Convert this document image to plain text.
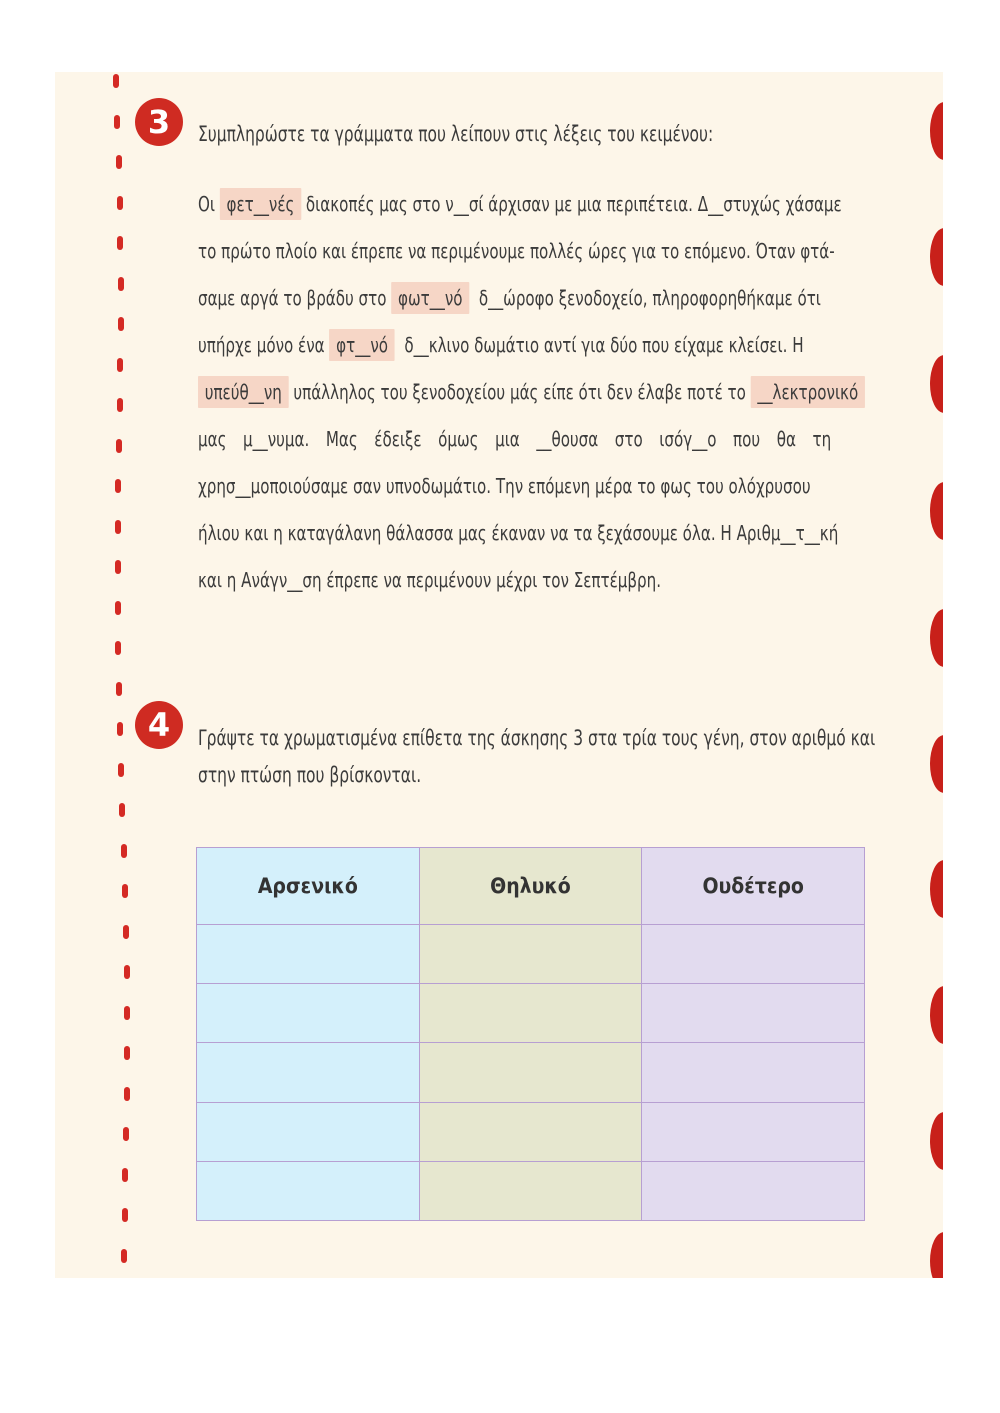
3	Συμπληρώστε τα γράμματα που λείπουν στις λέξεις του κειμένου:
Οι φετ__νές διακοπές μας στο ν__σί άρχισαν με μια περιπέτεια. Δ__στυχώς χάσαμε
το πρώτο πλοίο και έπρεπε να περιμένουμε πολλές ώρες για το επόμενο. Όταν φτά-
σαμε αργά το βράδυ στο φωτ__νό  δ__ώροφο ξενοδοχείο, πληροφορηθήκαμε ότι
υπήρχε μόνο ένα φτ__νό  δ__κλινο δωμάτιο αντί για δύο που είχαμε κλείσει. Η
υπεύθ__νη υπάλληλος του ξενοδοχείου μάς είπε ότι δεν έλαβε ποτέ το __λεκτρονικό
μας μ__νυμα. Μας έδειξε όμως μια __θουσα στο ισόγ__ο που θα τη
χρησ__μοποιούσαμε σαν υπνοδωμάτιο. Την επόμενη μέρα το φως του ολόχρυσου
ήλιου και η καταγάλανη θάλασσα μας έκαναν να τα ξεχάσουμε όλα. Η Αριθμ__τ__κή
και η Ανάγν__ση έπρεπε να περιμένουν μέχρι τον Σεπτέμβρη.
4	Γράψτε τα χρωματισμένα επίθετα της άσκησης 3 στα τρία τους γένη, στον αριθμό και
στην πτώση που βρίσκονται.
Αρσενικό	Θηλυκό	Ουδέτερο
